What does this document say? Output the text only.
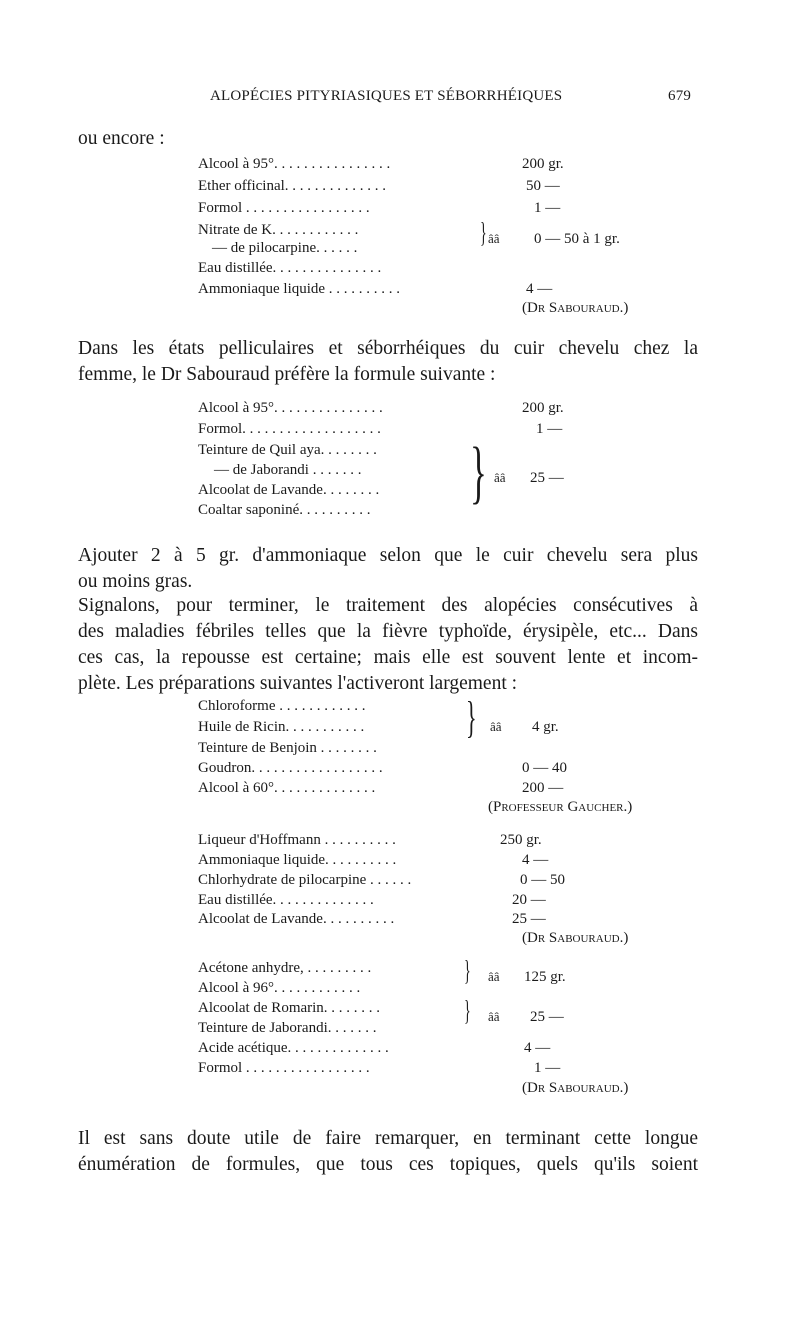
ALOPÉCIES PITYRIASIQUES ET SÉBORRHÉIQUES	679
ou encore :
Alcool à 95°. . . . . . . . . . . . . . . .	200 gr.
Ether officinal. . . . . . . . . . . . . .	50 —
Formol . . . . . . . . . . . . . . . . .	1 —
Nitrate de K. . . . . . . . . . . .
— de pilocarpine. . . . . .	} ââ 0 — 50 à 1 gr.
Eau distillée. . . . . . . . . . . . . . .
Ammoniaque liquide . . . . . . . . . .	4 —
(Dr Sabouraud.)
Dans les états pelliculaires et séborrhéiques du cuir chevelu chez la
femme, le Dr Sabouraud préfère la formule suivante :
Alcool à 95°. . . . . . . . . . . . . . .	200 gr.
Formol. . . . . . . . . . . . . . . . . . .	1 —
Teinture de Quil aya. . . . . . . .
— de Jaborandi . . . . . . .
Alcoolat de Lavande. . . . . . . .
Coaltar saponiné. . . . . . . . . . } ââ 25 —
Ajouter 2 à 5 gr. d'ammoniaque selon que le cuir chevelu sera plus
ou moins gras.
Signalons, pour terminer, le traitement des alopécies consécutives à
des maladies fébriles telles que la fièvre typhoïde, érysipèle, etc... Dans
ces cas, la repousse est certaine; mais elle est souvent lente et incom-
plète. Les préparations suivantes l'activeront largement :
Chloroforme . . . . . . . . . . . .
Huile de Ricin. . . . . . . . . . .
Teinture de Benjoin . . . . . . . .
} ââ 4 gr.
Goudron. . . . . . . . . . . . . . . . . .	0 — 40
Alcool à 60°. . . . . . . . . . . . . .	200 —
(Professeur Gaucher.)
Liqueur d'Hoffmann . . . . . . . . . .	250 gr.
Ammoniaque liquide. . . . . . . . . .	4 —
Chlorhydrate de pilocarpine . . . . . .	0 — 50
Eau distillée. . . . . . . . . . . . . .	20 —
Alcoolat de Lavande. . . . . . . . . .	25 —
(Dr Sabouraud.)
Acétone anhydre, . . . . . . . . .
Alcool à 96°. . . . . . . . . . . .
} ââ 125 gr.
Alcoolat de Romarin. . . . . . . .
Teinture de Jaborandi. . . . . . .
} ââ 25 —
Acide acétique. . . . . . . . . . . . . .	4 —
Formol . . . . . . . . . . . . . . . . .	1 —
(Dr Sabouraud.)
Il est sans doute utile de faire remarquer, en terminant cette longue
énumération de formules, que tous ces topiques, quels qu'ils soient
